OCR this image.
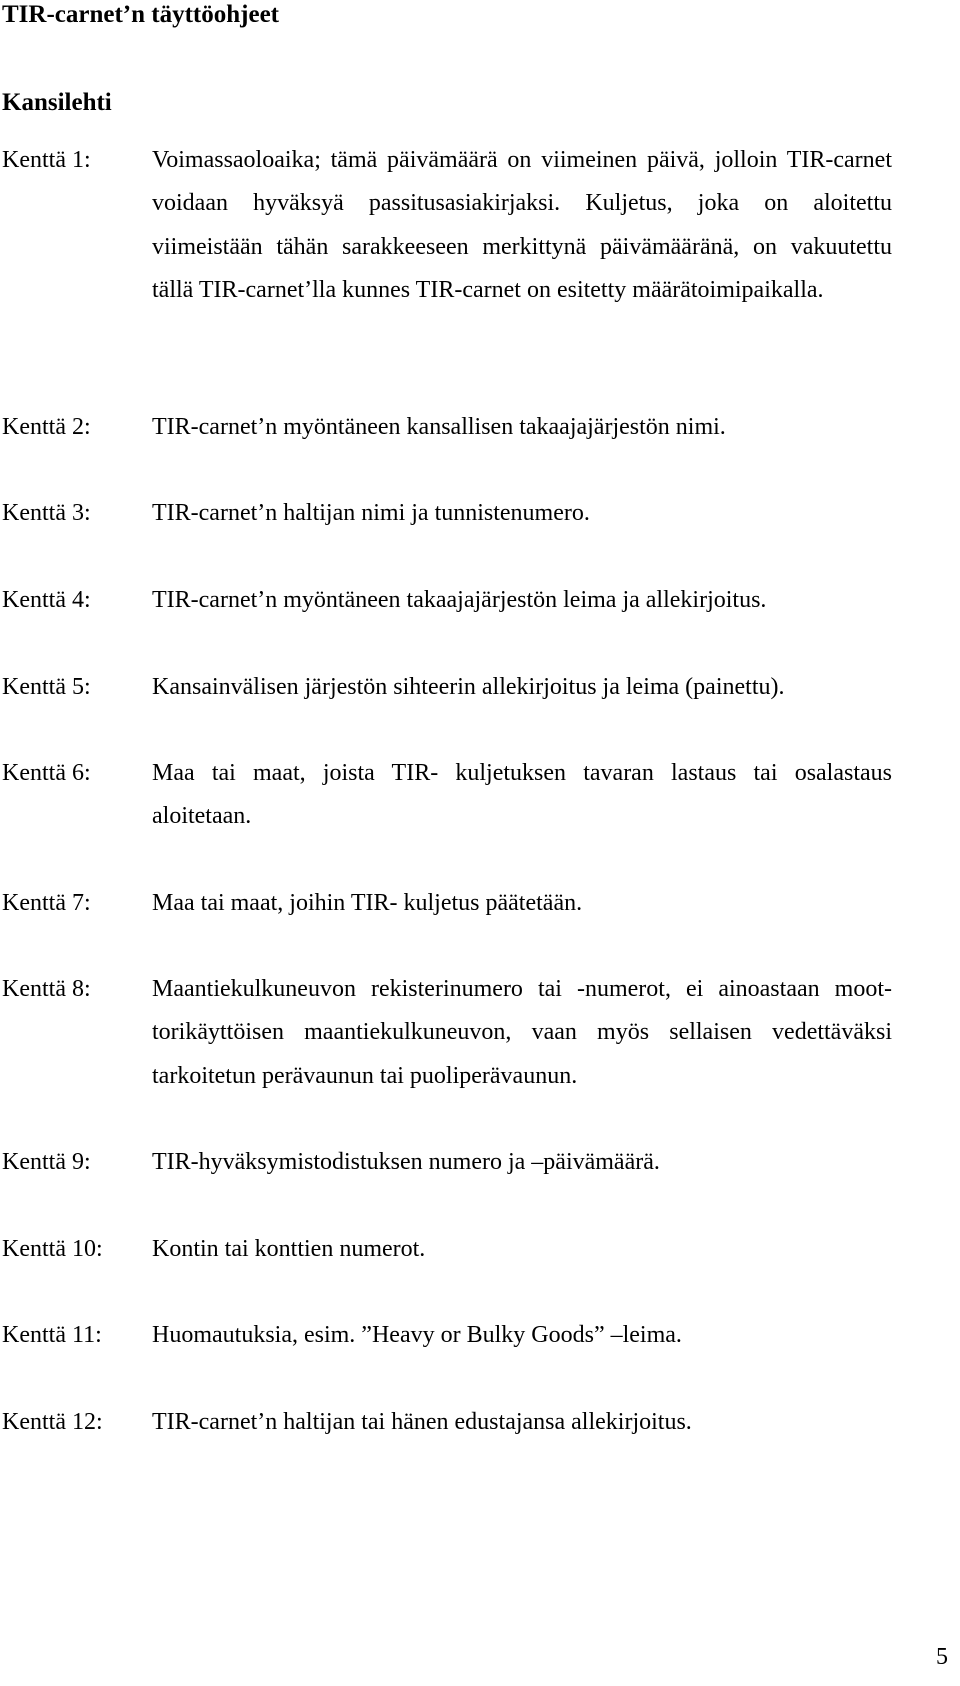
TIR-carnet’n täyttöohjeet
Kansilehti
Kenttä 1:	Voimassaoloaika; tämä päivämäärä on viimeinen päivä, jolloin TIR-carnet voidaan hyväksyä passitusasiakirjaksi. Kuljetus, joka on aloitettu viimeistään tähän sarakkeeseen merkittynä päivämääränä, on vakuutettu tällä TIR-carnet’lla kunnes TIR-carnet on esitetty määrätoimipaikalla.
Kenttä 2:	TIR-carnet’n myöntäneen kansallisen takaajajärjestön nimi.
Kenttä 3:	TIR-carnet’n haltijan nimi ja tunnistenumero.
Kenttä 4:	TIR-carnet’n myöntäneen takaajajärjestön leima ja allekirjoitus.
Kenttä 5:	Kansainvälisen järjestön sihteerin allekirjoitus ja leima (painettu).
Kenttä 6:	Maa tai maat, joista TIR- kuljetuksen tavaran lastaus tai osalastaus aloitetaan.
Kenttä 7:	Maa tai maat, joihin TIR- kuljetus päätetään.
Kenttä 8:	Maantiekulkuneuvon rekisterinumero tai -numerot, ei ainoastaan moottorikäyttöisen maantiekulkuneuvon, vaan myös sellaisen vedettäväksi tarkoitetun perävaunun tai puoliperävaunun.
Kenttä 9:	TIR-hyväksymistodistuksen numero ja –päivämäärä.
Kenttä 10: Kontin tai konttien numerot.
Kenttä 11: Huomautuksia, esim. ”Heavy or Bulky Goods” –leima.
Kenttä 12: TIR-carnet’n haltijan tai hänen edustajansa allekirjoitus.
5
